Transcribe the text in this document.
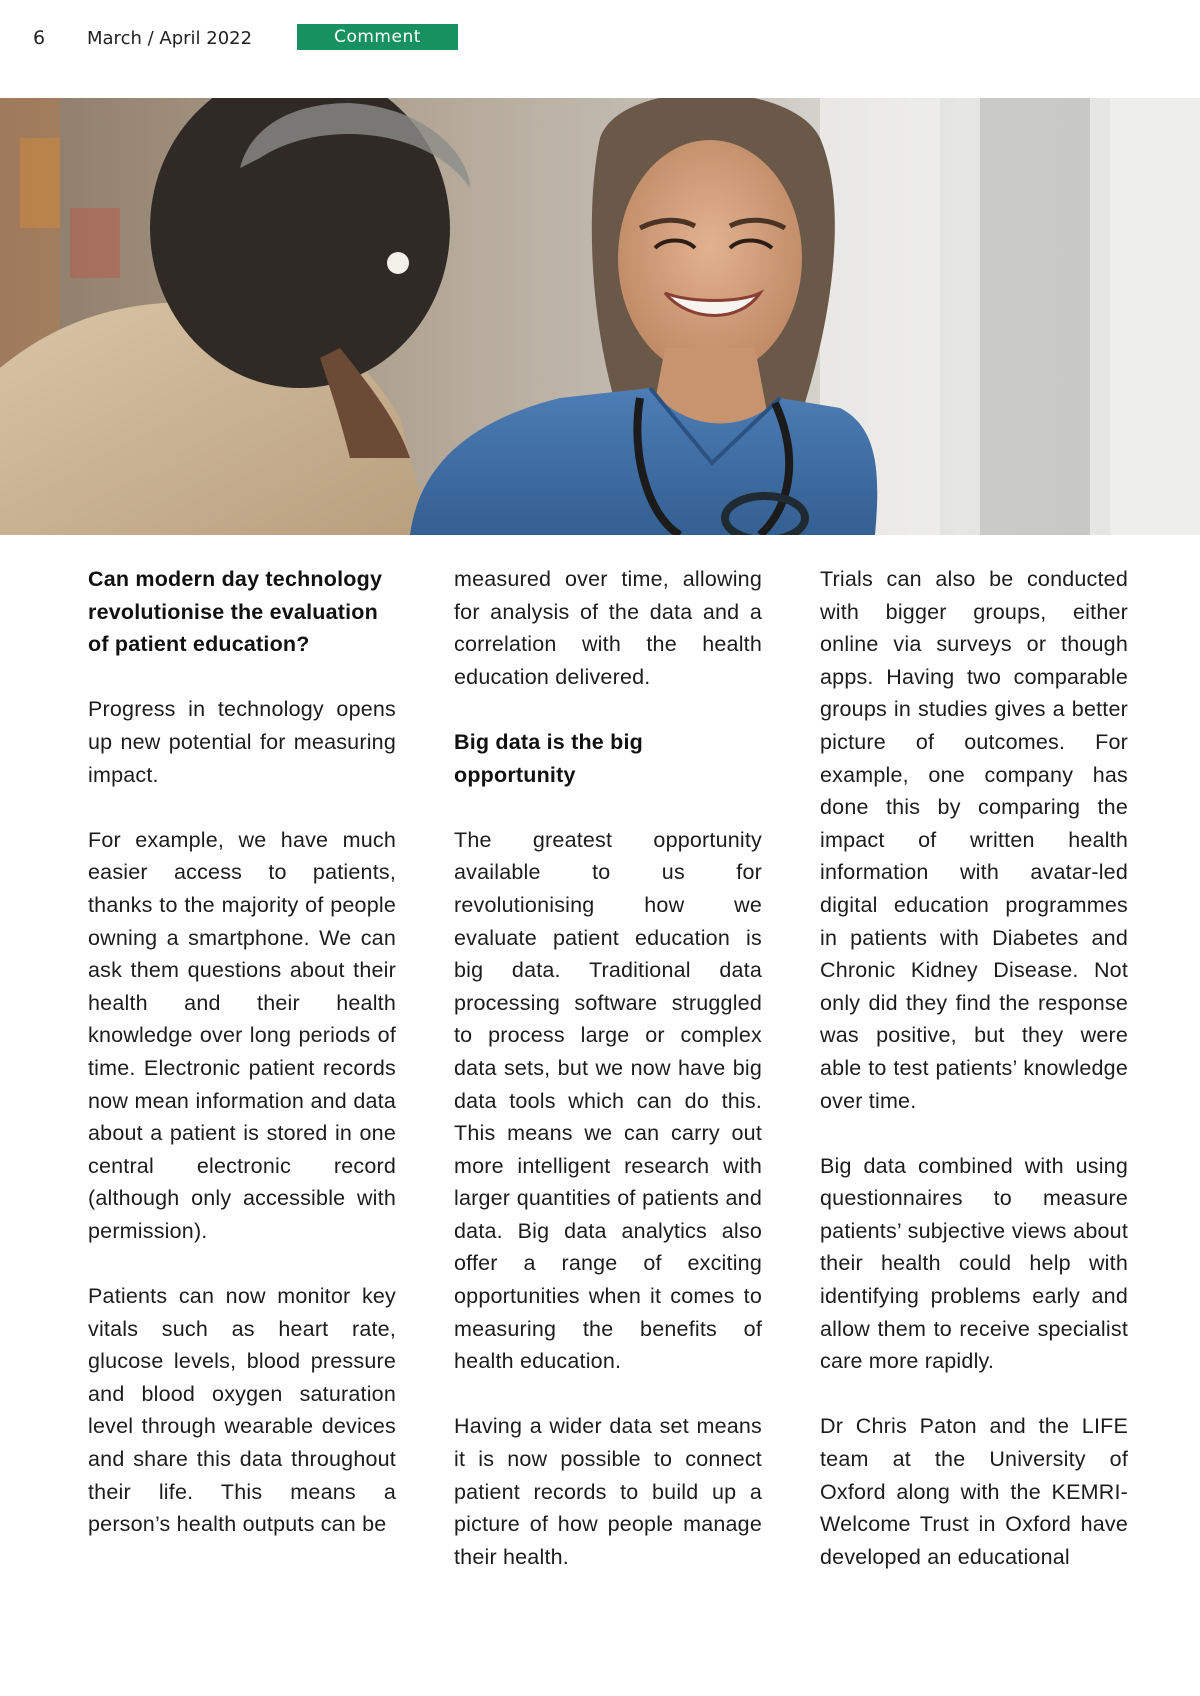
6 March / April 2022	Comment
Can modern day technology revolutionise the evaluation of patient education?

Progress in technology opens up new potential for measuring impact.

For example, we have much easier access to patients, thanks to the majority of people owning a smartphone. We can ask them questions about their health and their health knowledge over long periods of time. Electronic patient records now mean information and data about a patient is stored in one central electronic record (although only accessible with permission).

Patients can now monitor key vitals such as heart rate, glucose levels, blood pressure and blood oxygen saturation level through wearable devices and share this data throughout their life. This means a person’s health outputs can be

measured over time, allowing for analysis of the data and a correlation with the health education delivered.

Big data is the big opportunity

The greatest opportunity available to us for revolutionising how we evaluate patient education is big data. Traditional data processing software struggled to process large or complex data sets, but we now have big data tools which can do this. This means we can carry out more intelligent research with larger quantities of patients and data. Big data analytics also offer a range of exciting opportunities when it comes to measuring the benefits of health education.

Having a wider data set means it is now possible to connect patient records to build up a picture of how people manage their health.

Trials can also be conducted with bigger groups, either online via surveys or though apps. Having two comparable groups in studies gives a better picture of outcomes. For example, one company has done this by comparing the impact of written health information with avatar-led digital education programmes in patients with Diabetes and Chronic Kidney Disease. Not only did they find the response was positive, but they were able to test patients’ knowledge over time.

Big data combined with using questionnaires to measure patients’ subjective views about their health could help with identifying problems early and allow them to receive specialist care more rapidly.

Dr Chris Paton and the LIFE team at the University of Oxford along with the KEMRI-Welcome Trust in Oxford have developed an educational
